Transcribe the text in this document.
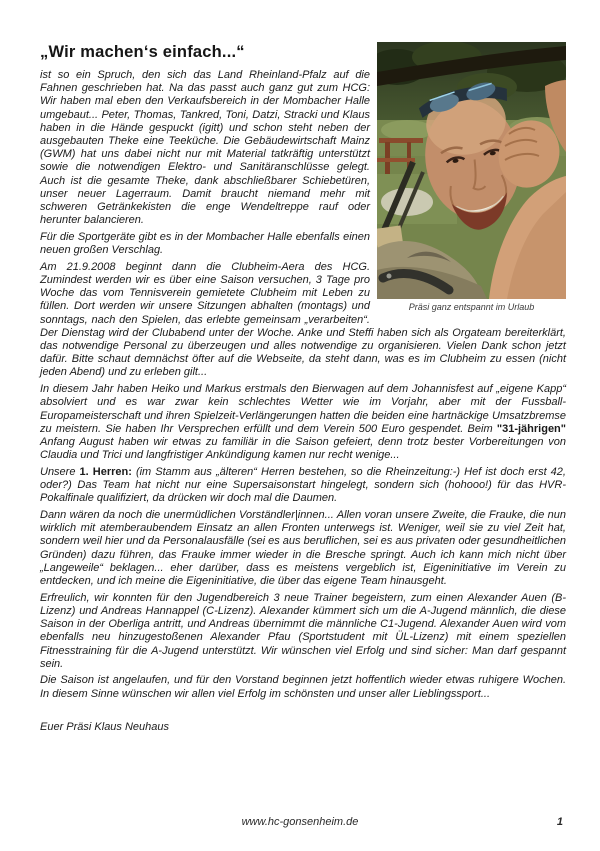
Präsi ganz entspannt im Urlaub
„Wir machen‘s einfach...“

ist so ein Spruch, den sich das Land Rheinland-Pfalz auf die Fahnen geschrieben hat. Na das passt auch ganz gut zum HCG: Wir haben mal eben den Verkaufsbereich in der Mombacher Halle umgebaut... Peter, Thomas, Tankred, Toni, Datzi, Stracki und Klaus haben in die Hände gespuckt (igitt) und schon steht neben der ausgebauten Theke eine Teeküche. Die Gebäudewirtschaft Mainz (GWM) hat uns dabei nicht nur mit Material tatkräftig unterstützt sowie die notwendigen Elektro- und Sanitäranschlüsse gelegt. Auch ist die gesamte Theke, dank abschließbarer Schiebetüren, unser neuer Lagerraum. Damit braucht niemand mehr mit schweren Getränkekisten die enge Wendeltreppe rauf oder herunter balancieren.

Für die Sportgeräte gibt es in der Mombacher Halle ebenfalls einen neuen großen Verschlag.

Am 21.9.2008 beginnt dann die Clubheim-Aera des HCG. Zumindest werden wir es über eine Saison versuchen, 3 Tage pro Woche das vom Tennisverein gemietete Clubheim mit Leben zu füllen. Dort werden wir unsere Sitzungen abhalten (montags) und sonntags, nach den Spielen, das erlebte gemeinsam „verarbeiten“. Der Dienstag wird der Clubabend unter der Woche. Anke und Steffi haben sich als Orgateam bereiterklärt, das notwendige Personal zu überzeugen und alles notwendige zu organisieren. Vielen Dank schon jetzt dafür. Bitte schaut demnächst öfter auf die Webseite, da steht dann, was es im Clubheim zu essen (nicht jeden Abend) und zu erleben gilt...

In diesem Jahr haben Heiko und Markus erstmals den Bierwagen auf dem Johannisfest auf „eigene Kapp“ absolviert und es war zwar kein schlechtes Wetter wie im Vorjahr, aber mit der Fussball-Europameisterschaft und ihren Spielzeit-Verlängerungen hatten die beiden eine hartnäckige Umsatzbremse zu meistern. Sie haben Ihr Versprechen erfüllt und dem Verein 500 Euro gespendet. Beim "31-jährigen" Anfang August haben wir etwas zu familiär in die Saison gefeiert, denn trotz bester Vorbereitungen von Claudia und Trici und langfristiger Ankündigung kamen nur recht wenige...

Unsere 1. Herren: (im Stamm aus „älteren“ Herren bestehen, so die Rheinzeitung:-) Hef ist doch erst 42, oder?) Das Team hat nicht nur eine Supersaisonstart hingelegt, sondern sich (hohooo!) für das HVR-Pokalfinale qualifiziert, da drücken wir doch mal die Daumen.

Dann wären da noch die unermüdlichen Vorständler|innen... Allen voran unsere Zweite, die Frauke, die nun wirklich mit atemberaubendem Einsatz an allen Fronten unterwegs ist. Weniger, weil sie zu viel Zeit hat, sondern weil hier und da Personalausfälle (sei es aus beruflichen, sei es aus privaten oder gesundheitlichen Gründen) dazu führen, das Frauke immer wieder in die Bresche springt. Auch ich kann mich nicht über „Langeweile“ beklagen... eher darüber, dass es meistens vergeblich ist, Eigeninitiative im Verein zu entdecken, und ich meine die Eigeninitiative, die über das eigene Team hinausgeht.

Erfreulich, wir konnten für den Jugendbereich 3 neue Trainer begeistern, zum einen Alexander Auen (B-Lizenz) und Andreas Hannappel (C-Lizenz). Alexander kümmert sich um die A-Jugend männlich, die diese Saison in der Oberliga antritt, und Andreas übernimmt die männliche C1-Jugend. Alexander Auen wird vom ebenfalls neu hinzugestoßenen Alexander Pfau (Sportstudent mit ÜL-Lizenz) mit einem speziellen Fitnesstraining für die A-Jugend unterstützt. Wir wünschen viel Erfolg und sind sicher: Man darf gespannt sein.

Die Saison ist angelaufen, und für den Vorstand beginnen jetzt hoffentlich wieder etwas ruhigere Wochen. In diesem Sinne wünschen wir allen viel Erfolg im schönsten und unser aller Lieblingssport...

Euer Präsi Klaus Neuhaus

www.hc-gonsenheim.de	1
